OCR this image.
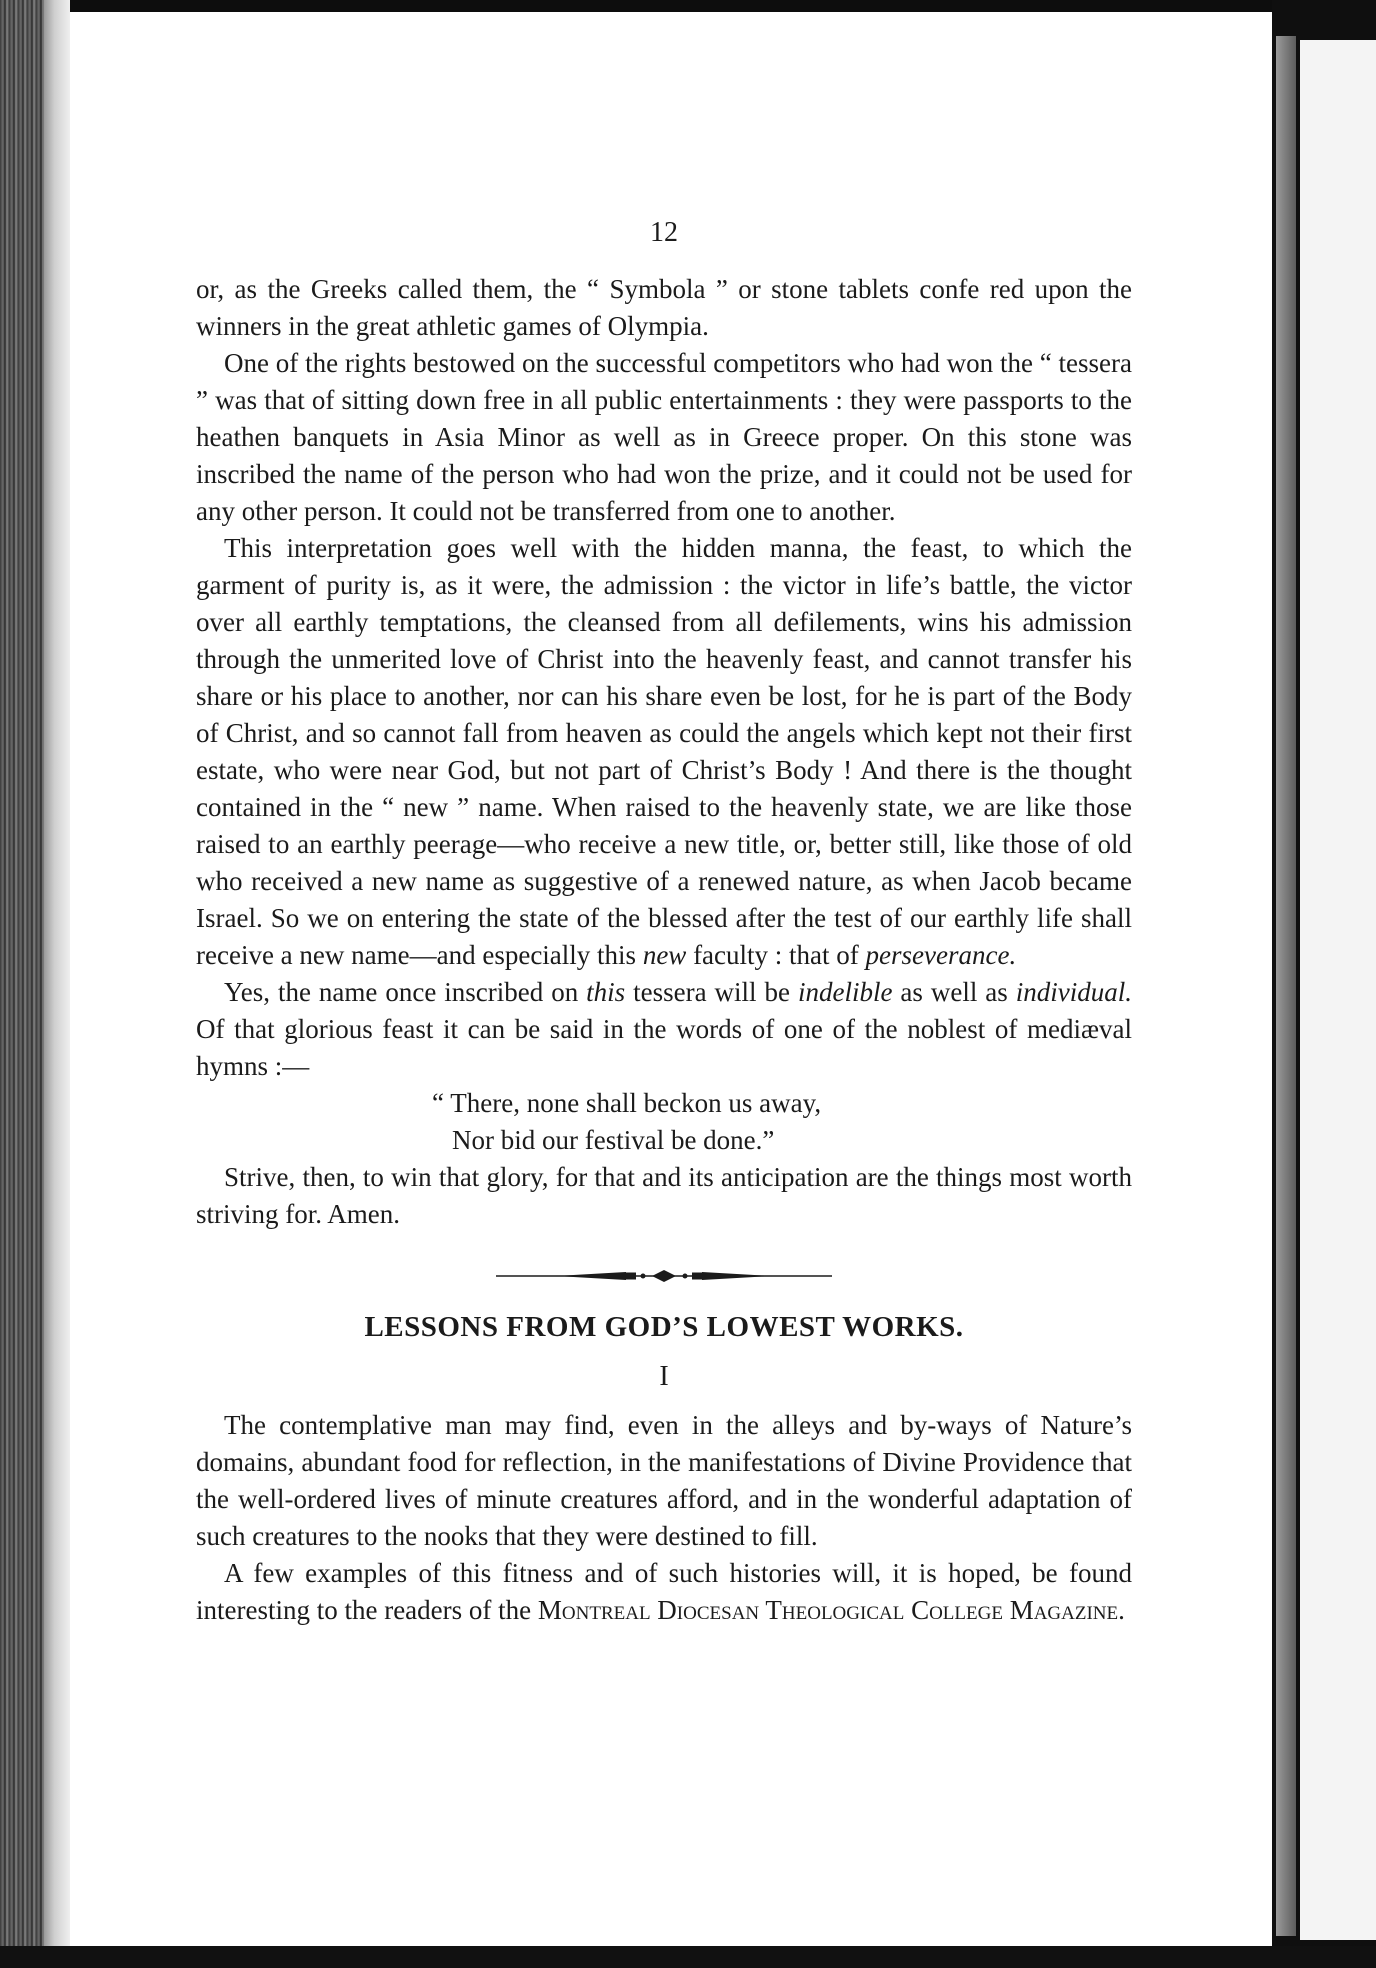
12

or, as the Greeks called them, the “ Symbola ” or stone tablets confe red upon the winners in the great athletic games of Olympia.

One of the rights bestowed on the successful competitors who had won the “ tessera ” was that of sitting down free in all public entertainments : they were passports to the heathen banquets in Asia Minor as well as in Greece proper. On this stone was inscribed the name of the person who had won the prize, and it could not be used for any other person. It could not be transferred from one to another.

This interpretation goes well with the hidden manna, the feast, to which the garment of purity is, as it were, the admission : the victor in life’s battle, the victor over all earthly temptations, the cleansed from all defilements, wins his admission through the unmerited love of Christ into the heavenly feast, and cannot transfer his share or his place to another, nor can his share even be lost, for he is part of the Body of Christ, and so cannot fall from heaven as could the angels which kept not their first estate, who were near God, but not part of Christ’s Body ! And there is the thought contained in the “ new ” name. When raised to the heavenly state, we are like those raised to an earthly peerage—who receive a new title, or, better still, like those of old who received a new name as suggestive of a renewed nature, as when Jacob became Israel. So we on entering the state of the blessed after the test of our earthly life shall receive a new name—and especially this new faculty : that of perseverance.

Yes, the name once inscribed on this tessera will be indelible as well as individual. Of that glorious feast it can be said in the words of one of the noblest of mediæval hymns :—

“ There, none shall beckon us away,
Nor bid our festival be done.”

Strive, then, to win that glory, for that and its anticipation are the things most worth striving for. Amen.

LESSONS FROM GOD’S LOWEST WORKS.
I

The contemplative man may find, even in the alleys and by-ways of Nature’s domains, abundant food for reflection, in the manifestations of Divine Providence that the well-ordered lives of minute creatures afford, and in the wonderful adaptation of such creatures to the nooks that they were destined to fill.

A few examples of this fitness and of such histories will, it is hoped, be found interesting to the readers of the Montreal Diocesan Theological College Magazine.
